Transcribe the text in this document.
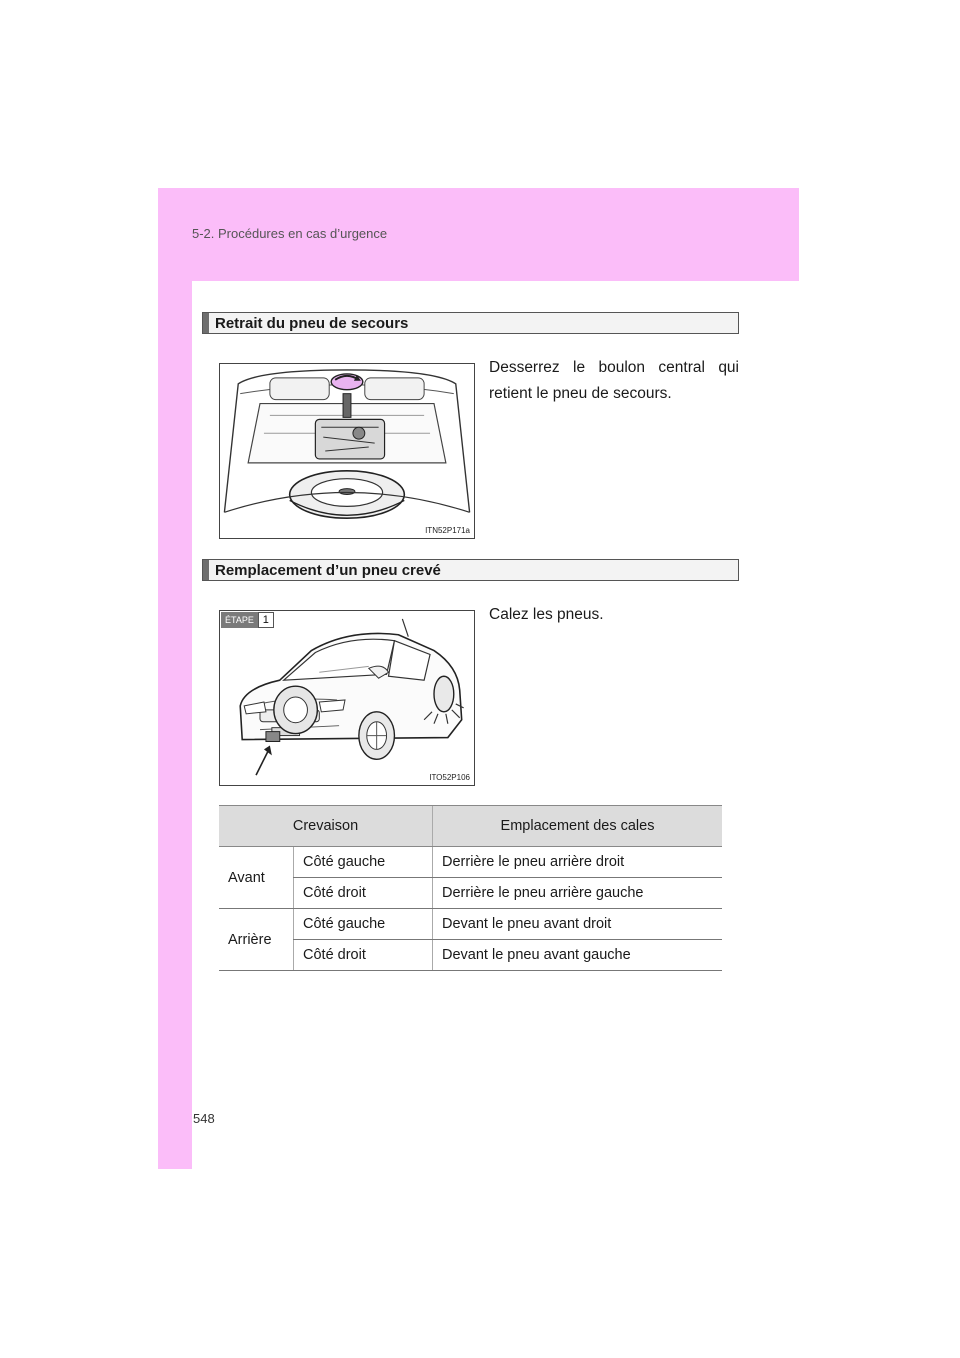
5-2. Procédures en cas d’urgence
Retrait du pneu de secours
ITN52P171a
Desserrez le boulon central qui retient le pneu de secours.
Remplacement d’un pneu crevé
ÉTAPE 1
ITO52P106
Calez les pneus.
Crevaison		Emplacement des cales
Avant	Côté gauche	Derrière le pneu arrière droit
	Côté droit	Derrière le pneu arrière gauche
Arrière	Côté gauche	Devant le pneu avant droit
	Côté droit	Devant le pneu avant gauche
548
